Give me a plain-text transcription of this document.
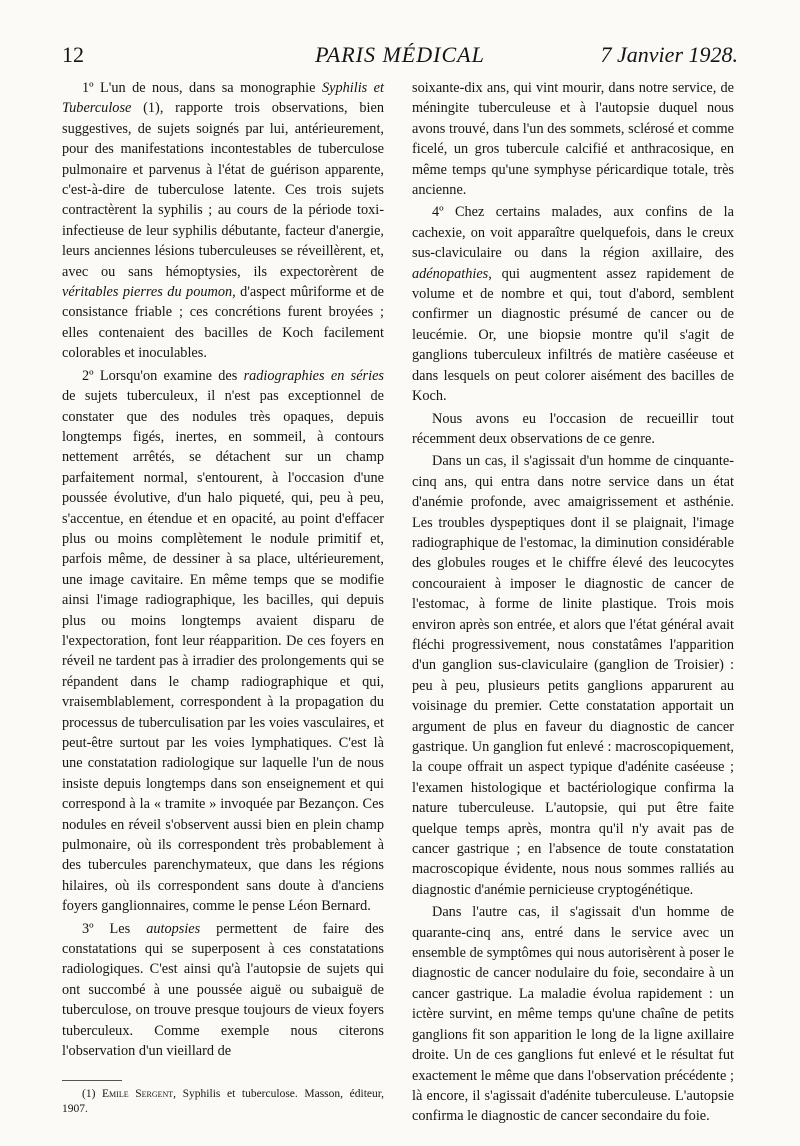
12	PARIS MÉDICAL	7 Janvier 1928.

1º L'un de nous, dans sa monographie Syphilis et Tuberculose (1), rapporte trois observations, bien suggestives, de sujets soignés par lui, antérieurement, pour des manifestations incontestables de tuberculose pulmonaire et parvenus à l'état de guérison apparente, c'est-à-dire de tuberculose latente. Ces trois sujets contractèrent la syphilis ; au cours de la période toxi-infectieuse de leur syphilis débutante, facteur d'anergie, leurs anciennes lésions tuberculeuses se réveillèrent, et, avec ou sans hémoptysies, ils expectorèrent de véritables pierres du poumon, d'aspect mûriforme et de consistance friable ; ces concrétions furent broyées ; elles contenaient des bacilles de Koch facilement colorables et inoculables.

2º Lorsqu'on examine des radiographies en séries de sujets tuberculeux, il n'est pas exceptionnel de constater que des nodules très opaques, depuis longtemps figés, inertes, en sommeil, à contours nettement arrêtés, se détachent sur un champ parfaitement normal, s'entourent, à l'occasion d'une poussée évolutive, d'un halo piqueté, qui, peu à peu, s'accentue, en étendue et en opacité, au point d'effacer plus ou moins complètement le nodule primitif et, parfois même, de dessiner à sa place, ultérieurement, une image cavitaire. En même temps que se modifie ainsi l'image radiographique, les bacilles, qui depuis plus ou moins longtemps avaient disparu de l'expectoration, font leur réapparition. De ces foyers en réveil ne tardent pas à irradier des prolongements qui se répandent dans le champ radiographique et qui, vraisemblablement, correspondent à la propagation du processus de tuberculisation par les voies vasculaires, et peut-être surtout par les voies lymphatiques. C'est là une constatation radiologique sur laquelle l'un de nous insiste depuis longtemps dans son enseignement et qui correspond à la « tramite » invoquée par Bezançon. Ces nodules en réveil s'observent aussi bien en plein champ pulmonaire, où ils correspondent très probablement à des tubercules parenchymateux, que dans les régions hilaires, où ils correspondent sans doute à d'anciens foyers ganglionnaires, comme le pense Léon Bernard.

3º Les autopsies permettent de faire des constatations qui se superposent à ces constatations radiologiques. C'est ainsi qu'à l'autopsie de sujets qui ont succombé à une poussée aiguë ou subaiguë de tuberculose, on trouve presque toujours de vieux foyers tuberculeux. Comme exemple nous citerons l'observation d'un vieillard de

(1) Emile Sergent, Syphilis et tuberculose. Masson, éditeur, 1907.

soixante-dix ans, qui vint mourir, dans notre service, de méningite tuberculeuse et à l'autopsie duquel nous avons trouvé, dans l'un des sommets, sclérosé et comme ficelé, un gros tubercule calcifié et anthracosique, en même temps qu'une symphyse péricardique totale, très ancienne.

4º Chez certains malades, aux confins de la cachexie, on voit apparaître quelquefois, dans le creux sus-claviculaire ou dans la région axillaire, des adénopathies, qui augmentent assez rapidement de volume et de nombre et qui, tout d'abord, semblent confirmer un diagnostic présumé de cancer ou de leucémie. Or, une biopsie montre qu'il s'agit de ganglions tuberculeux infiltrés de matière caséeuse et dans lesquels on peut colorer aisément des bacilles de Koch.

Nous avons eu l'occasion de recueillir tout récemment deux observations de ce genre.

Dans un cas, il s'agissait d'un homme de cinquante-cinq ans, qui entra dans notre service dans un état d'anémie profonde, avec amaigrissement et asthénie. Les troubles dyspeptiques dont il se plaignait, l'image radiographique de l'estomac, la diminution considérable des globules rouges et le chiffre élevé des leucocytes concouraient à imposer le diagnostic de cancer de l'estomac, à forme de linite plastique. Trois mois environ après son entrée, et alors que l'état général avait fléchi progressivement, nous constatâmes l'apparition d'un ganglion sus-claviculaire (ganglion de Troisier) : peu à peu, plusieurs petits ganglions apparurent au voisinage du premier. Cette constatation apportait un argument de plus en faveur du diagnostic de cancer gastrique. Un ganglion fut enlevé : macroscopiquement, la coupe offrait un aspect typique d'adénite caséeuse ; l'examen histologique et bactériologique confirma la nature tuberculeuse. L'autopsie, qui put être faite quelque temps après, montra qu'il n'y avait pas de cancer gastrique ; en l'absence de toute constatation macroscopique évidente, nous nous sommes ralliés au diagnostic d'anémie pernicieuse cryptogénétique.

Dans l'autre cas, il s'agissait d'un homme de quarante-cinq ans, entré dans le service avec un ensemble de symptômes qui nous autorisèrent à poser le diagnostic de cancer nodulaire du foie, secondaire à un cancer gastrique. La maladie évolua rapidement : un ictère survint, en même temps qu'une chaîne de petits ganglions fit son apparition le long de la ligne axillaire droite. Un de ces ganglions fut enlevé et le résultat fut exactement le même que dans l'observation précédente ; là encore, il s'agissait d'adénite tuberculeuse. L'autopsie confirma le diagnostic de cancer secondaire du foie.
